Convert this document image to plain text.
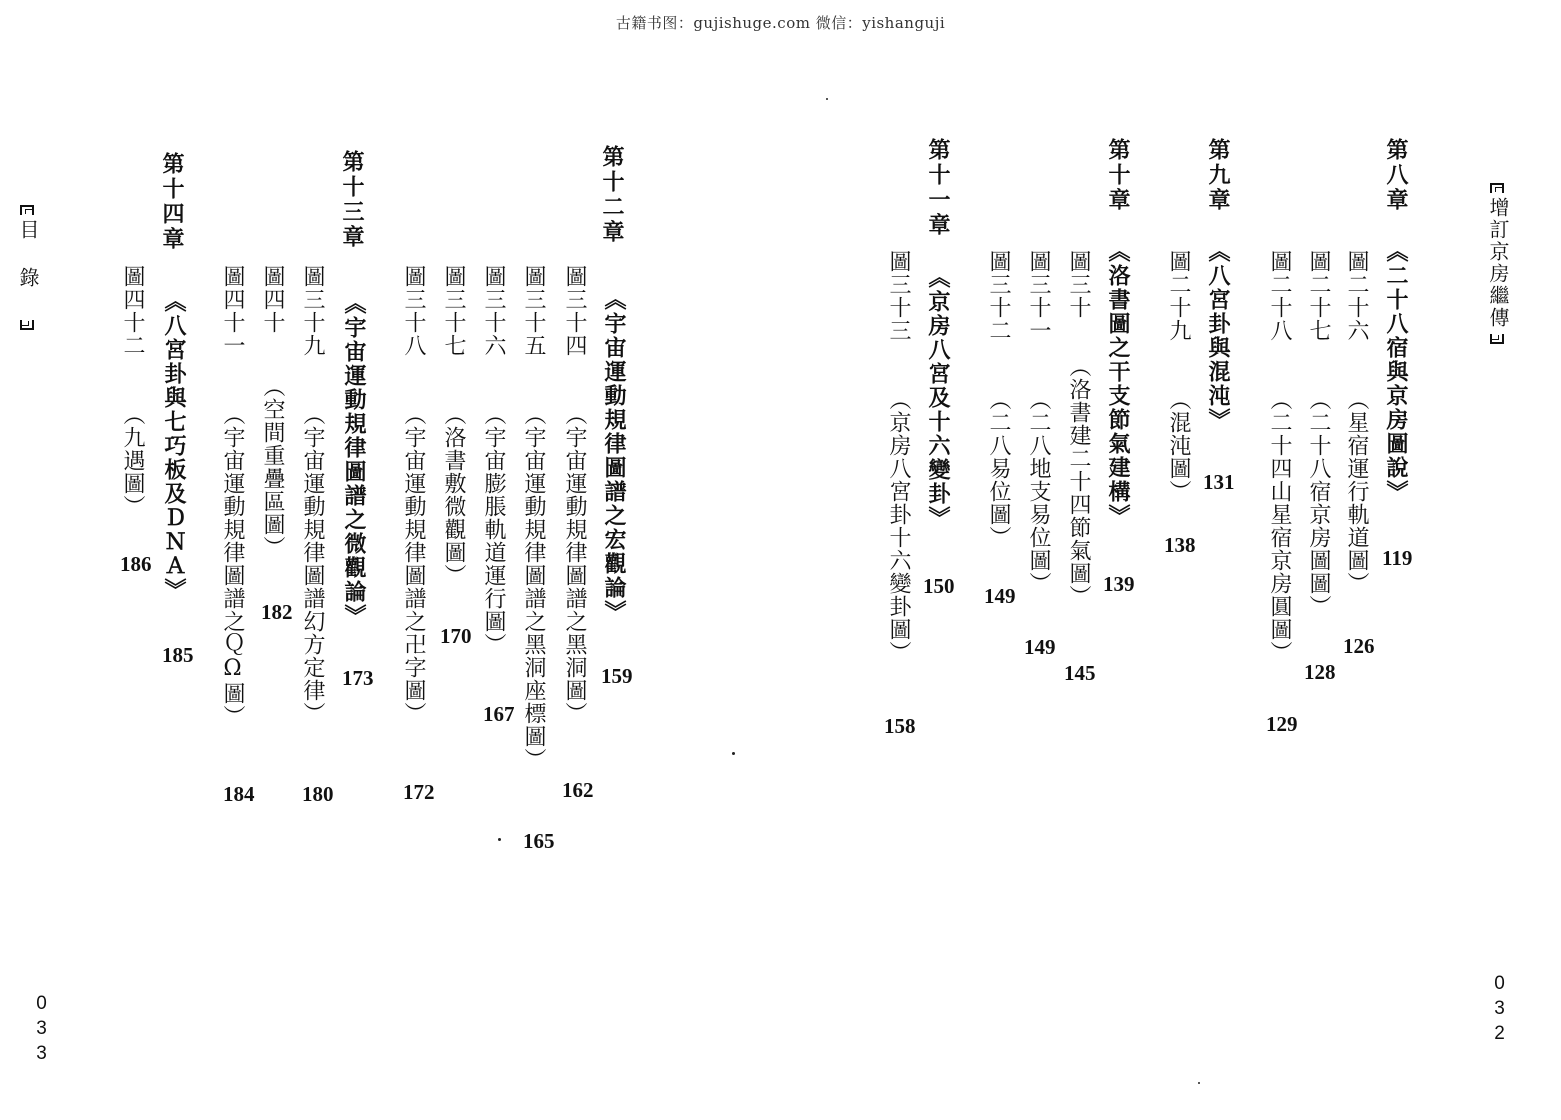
古籍书图：gujishuge.com 微信：yishanguji
增訂京房繼傳
032
第八章
《二十八宿與京房圖說》
119
圖二十六
（星宿運行軌道圖）
126
圖二十七
（二十八宿京房圖圖）
128
圖二十八
（二十四山星宿京房圓圖）
129
第九章
《八宮卦與混沌》
131
圖二十九
（混沌圖）
138
第十章
《洛書圖之干支節氣建構》
139
圖三十
（洛書建二十四節氣圖）
145
圖三十一
（二八地支易位圖）
149
圖三十二
（二八易位圖）
149
第十一章
《京房八宮及十六變卦》
150
圖三十三
（京房八宮卦十六變卦圖）
158
目錄
033
第十二章
《宇宙運動規律圖譜之宏觀論》
159
圖三十四
（宇宙運動規律圖譜之黑洞圖）
162
圖三十五
（宇宙運動規律圖譜之黑洞座標圖）
165
圖三十六
（宇宙膨脹軌道運行圖）
167
圖三十七
（洛書敷微觀圖）
170
圖三十八
（宇宙運動規律圖譜之卍字圖）
172
第十三章
《宇宙運動規律圖譜之微觀論》
173
圖三十九
（宇宙運動規律圖譜幻方定律）
180
圖四十
（空間重疊區圖）
182
圖四十一
（宇宙運動規律圖譜之ＱΩ圖）
184
第十四章
《八宮卦與七巧板及ＤＮＡ》
185
圖四十二
（九遇圖）
186
